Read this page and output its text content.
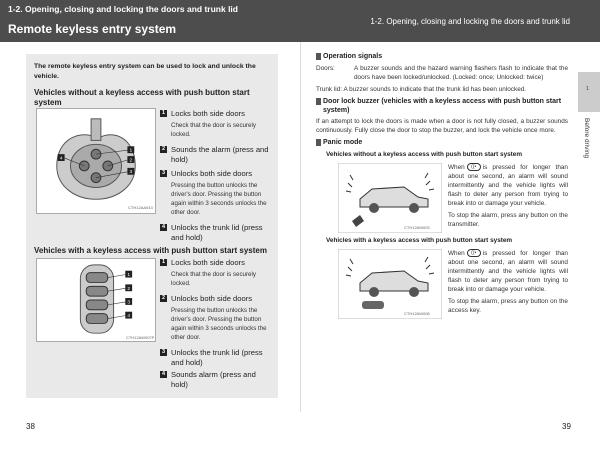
1-2. Opening, closing and locking the doors and trunk lid
Remote keyless entry system
1-2. Opening, closing and locking the doors and trunk lid
The remote keyless entry system can be used to lock and unlock the vehicle.
Vehicles without a keyless access with push button start system
1
2
3
4
CTH12AA043
1 Locks both side doors
Check that the door is securely locked.
2 Sounds the alarm (press and hold)
3 Unlocks both side doors
Pressing the button unlocks the driver's door. Pressing the button again within 3 seconds unlocks the other door.
4 Unlocks the trunk lid (press and hold)
Vehicles with a keyless access with push button start system
1
2
3
4
CTH12AW007P
1 Locks both side doors
Check that the door is securely locked.
2 Unlocks both side doors
Pressing the button unlocks the driver's door. Pressing the button again within 3 seconds unlocks the other door.
3 Unlocks the trunk lid (press and hold)
4 Sounds alarm (press and hold)
38
Operation signals
Doors:	A buzzer sounds and the hazard warning flashers flash to indicate that the doors have been locked/unlocked. (Locked: once; Unlocked: twice)
Trunk lid: A buzzer sounds to indicate that the trunk lid has been unlocked.
Door lock buzzer (vehicles with a keyless access with push button start system)
If an attempt to lock the doors is made when a door is not fully closed, a buzzer sounds continuously. Fully close the door to stop the buzzer, and lock the vehicle once more.
Panic mode
Vehicles without a keyless access with push button start system
CTH12AW003

When ((• is pressed for longer than about one second, an alarm will sound intermittently and the vehicle lights will flash to deter any person from trying to break into or damage your vehicle.

To stop the alarm, press any button on the transmitter.

Vehicles with a keyless access with push button start system
CTH12AW008

When ((• is pressed for longer than about one second, an alarm will sound intermittently and the vehicle lights will flash to deter any person from trying to break into or damage your vehicle.

To stop the alarm, press any button on the access key.

39
1
Before driving
